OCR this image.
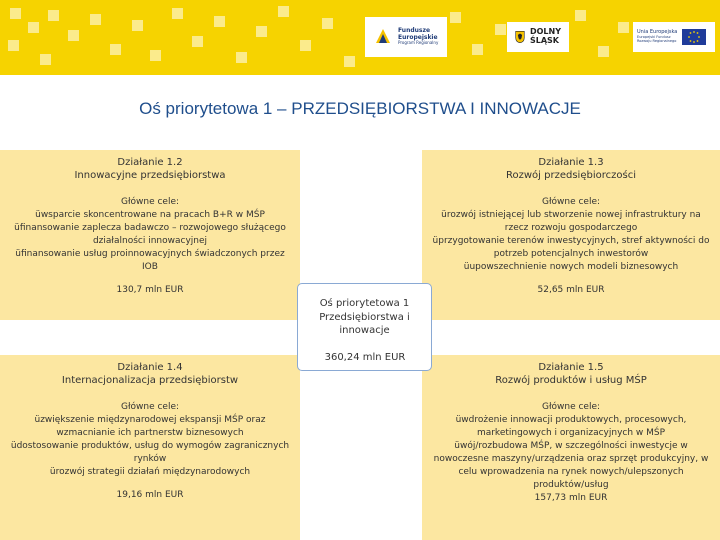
Fundusze
Europejskie
Program Regionalny
DOLNY
ŚLĄSK
Unia Europejska
Europejski Fundusz
Rozwoju Regionalnego
Oś priorytetowa 1 – PRZEDSIĘBIORSTWA I INNOWACJE
Działanie 1.2
Innowacyjne przedsiębiorstwa
Główne cele:
üwsparcie skoncentrowane na pracach B+R w MŚP
üfinansowanie zaplecza badawczo – rozwojowego służącego działalności innowacyjnej
üfinansowanie usług proinnowacyjnych świadczonych przez IOB
130,7 mln EUR
Działanie 1.3
Rozwój przedsiębiorczości
Główne cele:
ürozwój istniejącej lub stworzenie nowej infrastruktury na rzecz rozwoju gospodarczego
üprzygotowanie terenów inwestycyjnych, stref aktywności do potrzeb potencjalnych inwestorów
üupowszechnienie nowych modeli biznesowych
52,65 mln EUR
Działanie 1.4
Internacjonalizacja przedsiębiorstw
Główne cele:
üzwiększenie międzynarodowej ekspansji MŚP oraz wzmacnianie ich partnerstw biznesowych
üdostosowanie produktów, usług do wymogów zagranicznych rynków
ürozwój strategii działań międzynarodowych
19,16 mln EUR
Działanie 1.5
Rozwój produktów i usług MŚP
Główne cele:
üwdrożenie innowacji produktowych, procesowych, marketingowych i organizacyjnych w MŚP
üwój/rozbudowa MŚP, w szczególności inwestycje w nowoczesne maszyny/urządzenia oraz sprzęt produkcyjny, w celu wprowadzenia na rynek nowych/ulepszonych produktów/usług
157,73 mln EUR
Oś priorytetowa 1
Przedsiębiorstwa i
innowacje
360,24 mln EUR
